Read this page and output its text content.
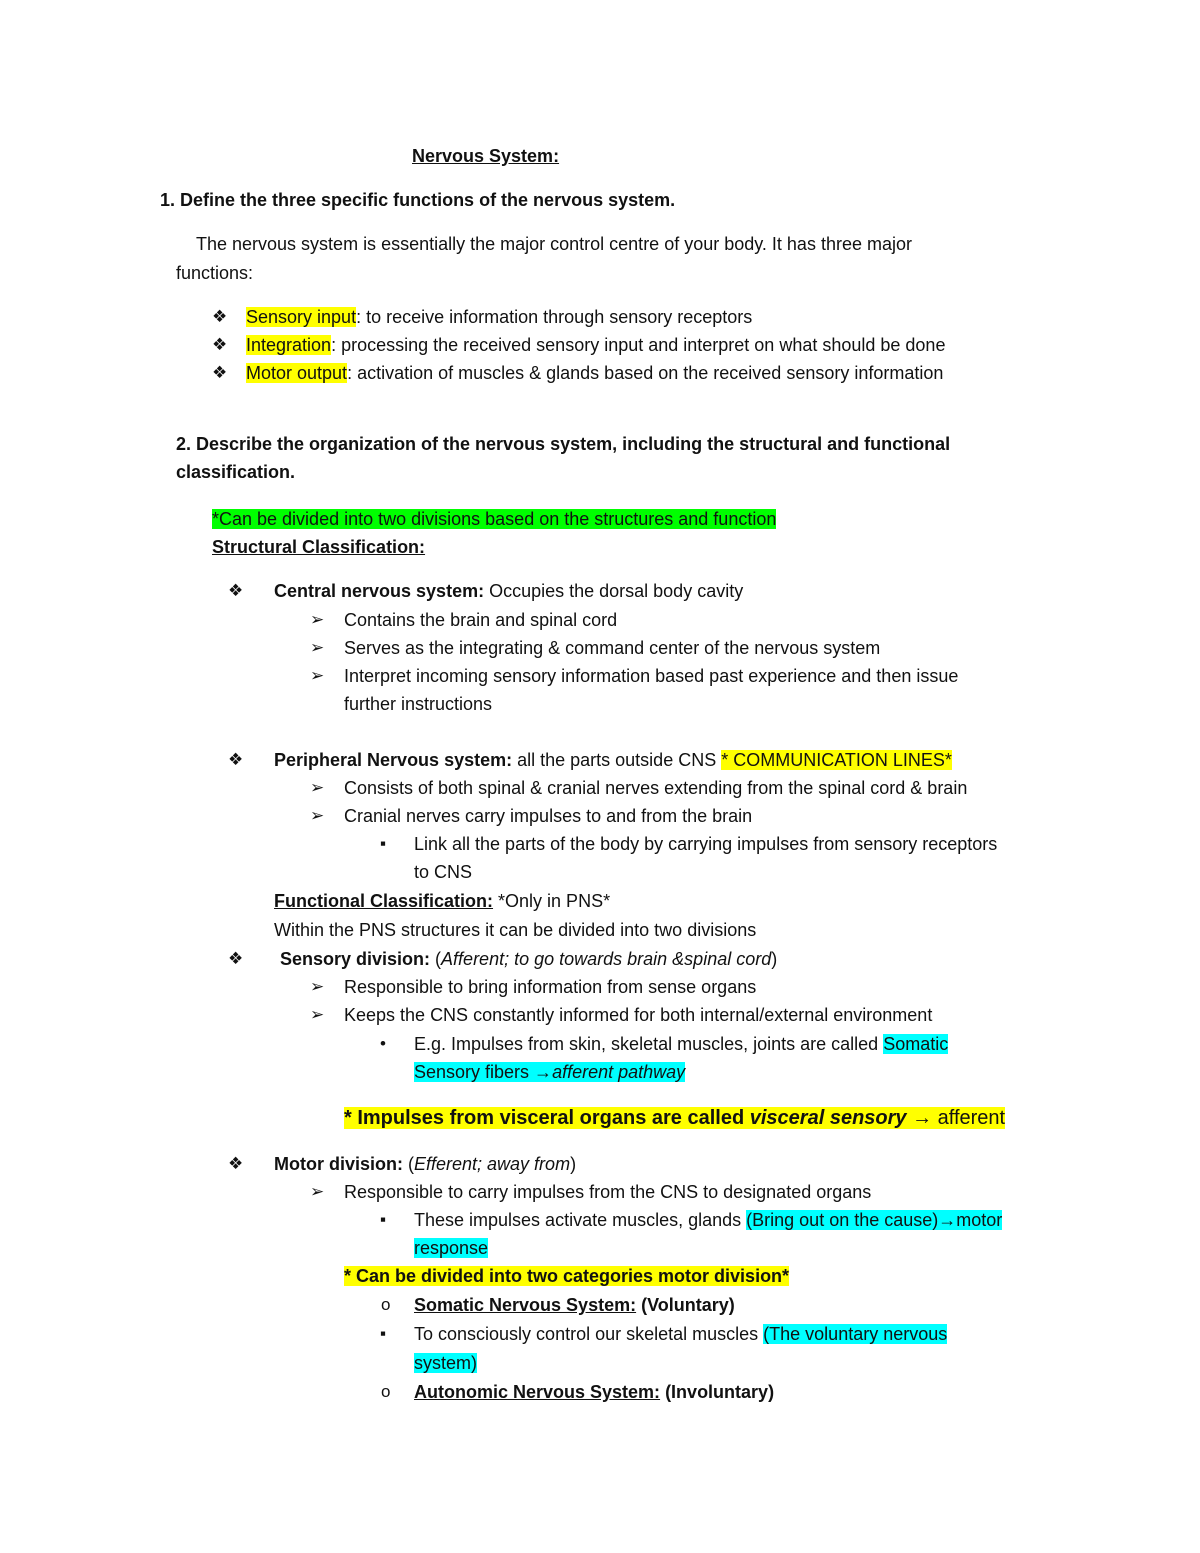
Nervous System:
1. Define the three specific functions of the nervous system.
The nervous system is essentially the major control centre of your body. It has three major
functions:
❖ Sensory input: to receive information through sensory receptors
❖ Integration: processing the received sensory input and interpret on what should be done
❖ Motor output: activation of muscles & glands based on the received sensory information
2. Describe the organization of the nervous system, including the structural and functional
classification.
*Can be divided into two divisions based on the structures and function
Structural Classification:
❖ Central nervous system: Occupies the dorsal body cavity
➢ Contains the brain and spinal cord
➢ Serves as the integrating & command center of the nervous system
➢ Interpret incoming sensory information based past experience and then issue
further instructions
❖ Peripheral Nervous system: all the parts outside CNS * COMMUNICATION LINES*
➢ Consists of both spinal & cranial nerves extending from the spinal cord & brain
➢ Cranial nerves carry impulses to and from the brain
▪ Link all the parts of the body by carrying impulses from sensory receptors
to CNS
Functional Classification: *Only in PNS*
Within the PNS structures it can be divided into two divisions
❖ Sensory division: (Afferent; to go towards brain &spinal cord)
➢ Responsible to bring information from sense organs
➢ Keeps the CNS constantly informed for both internal/external environment
• E.g. Impulses from skin, skeletal muscles, joints are called Somatic
Sensory fibers →afferent pathway
* Impulses from visceral organs are called visceral sensory → afferent
❖ Motor division: (Efferent; away from)
➢ Responsible to carry impulses from the CNS to designated organs
▪ These impulses activate muscles, glands (Bring out on the cause)→motor
response
* Can be divided into two categories motor division*
o Somatic Nervous System: (Voluntary)
▪ To consciously control our skeletal muscles (The voluntary nervous
system)
o Autonomic Nervous System: (Involuntary)
